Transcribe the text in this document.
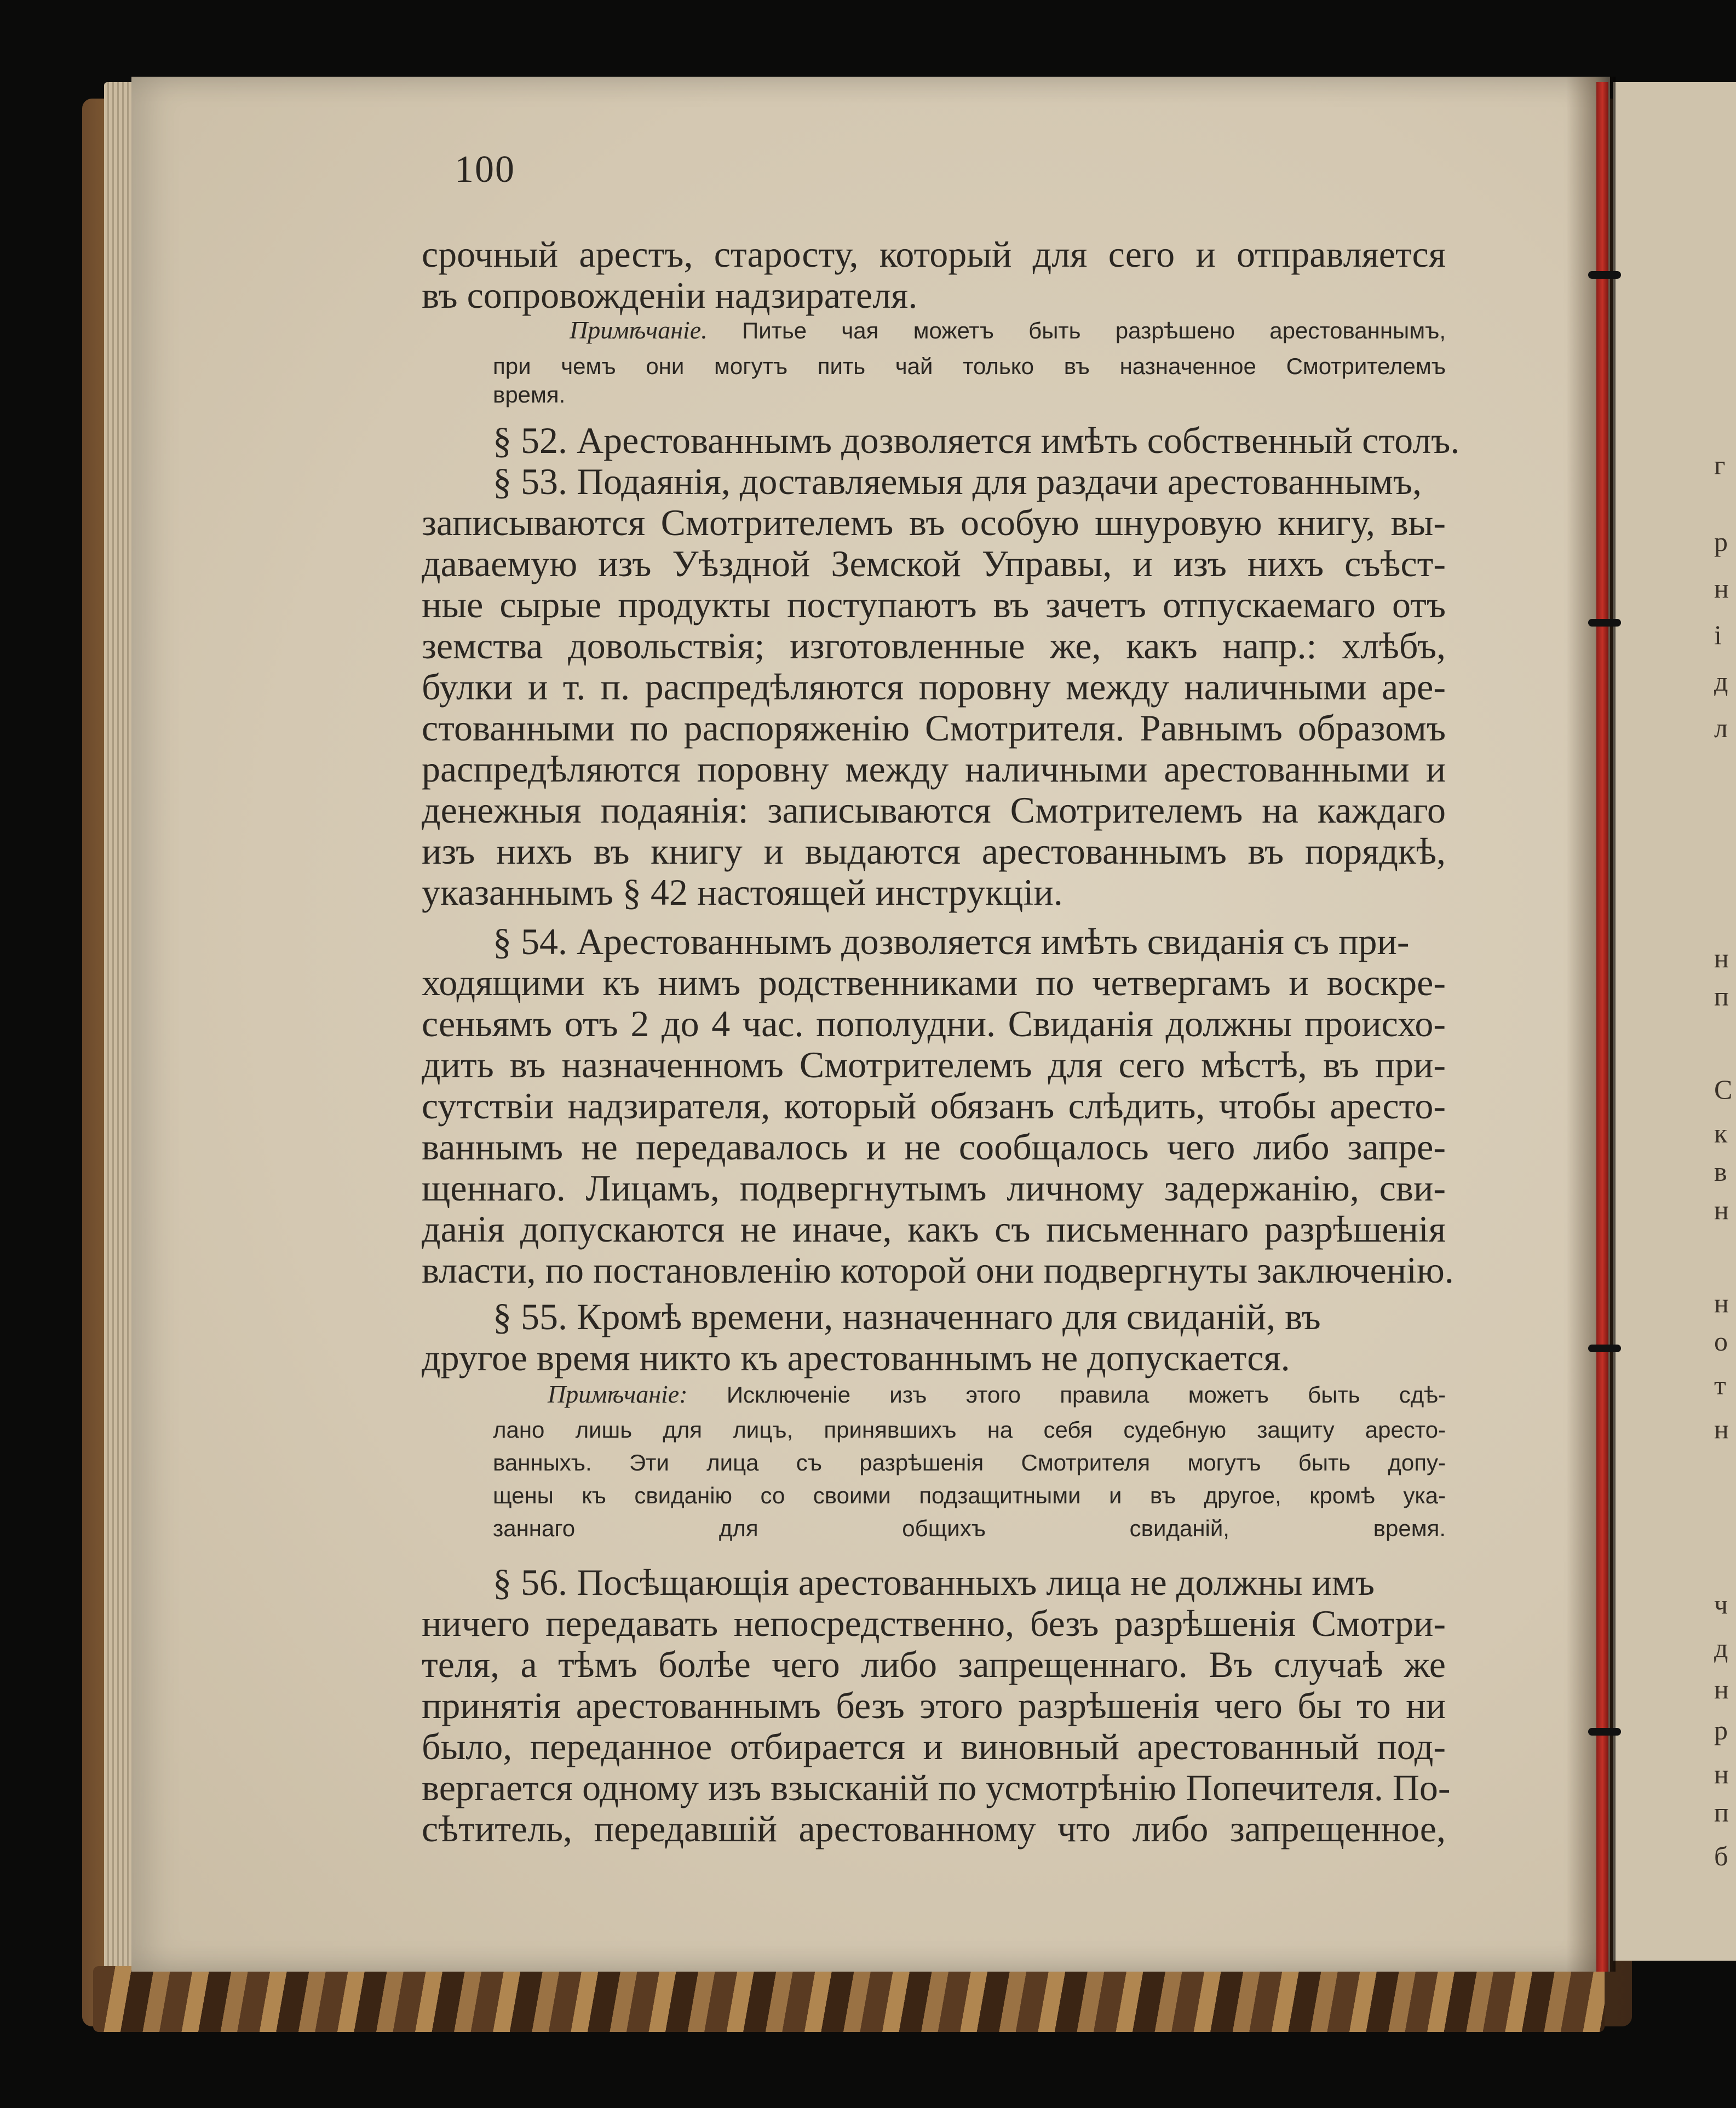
г
р
н
і
д
л
н
п
С
к
в
н
н
о
т
н
ч
д
н
р
н
п
б
100
срочный арестъ, старосту, который для сего и отправляется
въ сопровожденіи надзирателя.
Примѣчаніе. Питье чая можетъ быть разрѣшено арестованнымъ,
при чемъ они могутъ пить чай только въ назначенное Смотрителемъ
время.
§ 52. Арестованнымъ дозволяется имѣть собственный столъ.
§ 53. Подаянія, доставляемыя для раздачи арестованнымъ,
записываются Смотрителемъ въ особую шнуровую книгу, вы-
даваемую изъ Уѣздной Земской Управы, и изъ нихъ съѣст-
ные сырые продукты поступаютъ въ зачетъ отпускаемаго отъ
земства довольствія; изготовленные же, какъ напр.: хлѣбъ,
булки и т. п. распредѣляются поровну между наличными аре-
стованными по распоряженію Смотрителя. Равнымъ образомъ
распредѣляются поровну между наличными арестованными и
денежныя подаянія: записываются Смотрителемъ на каждаго
изъ нихъ въ книгу и выдаются арестованнымъ въ порядкѣ,
указаннымъ § 42 настоящей инструкціи.
§ 54. Арестованнымъ дозволяется имѣть свиданія съ при-
ходящими къ нимъ родственниками по четвергамъ и воскре-
сеньямъ отъ 2 до 4 час. пополудни. Свиданія должны происхо-
дить въ назначенномъ Смотрителемъ для сего мѣстѣ, въ при-
сутствіи надзирателя, который обязанъ слѣдить, чтобы аресто-
ваннымъ не передавалось и не сообщалось чего либо запре-
щеннаго. Лицамъ, подвергнутымъ личному задержанію, сви-
данія допускаются не иначе, какъ съ письменнаго разрѣшенія
власти, по постановленію которой они подвергнуты заключенію.
§ 55. Кромѣ времени, назначеннаго для свиданій, въ
другое время никто къ арестованнымъ не допускается.
Примѣчаніе: Исключеніе изъ этого правила можетъ быть сдѣ-
лано лишь для лицъ, принявшихъ на себя судебную защиту аресто-
ванныхъ. Эти лица съ разрѣшенія Смотрителя могутъ быть допу-
щены къ свиданію со своими подзащитными и въ другое, кромѣ ука-
заннаго для общихъ свиданій, время.
§ 56. Посѣщающія арестованныхъ лица не должны имъ
ничего передавать непосредственно, безъ разрѣшенія Смотри-
теля, а тѣмъ болѣе чего либо запрещеннаго. Въ случаѣ же
принятія арестованнымъ безъ этого разрѣшенія чего бы то ни
было, переданное отбирается и виновный арестованный под-
вергается одному изъ взысканій по усмотрѣнію Попечителя. По-
сѣтитель, передавшій арестованному что либо запрещенное,
